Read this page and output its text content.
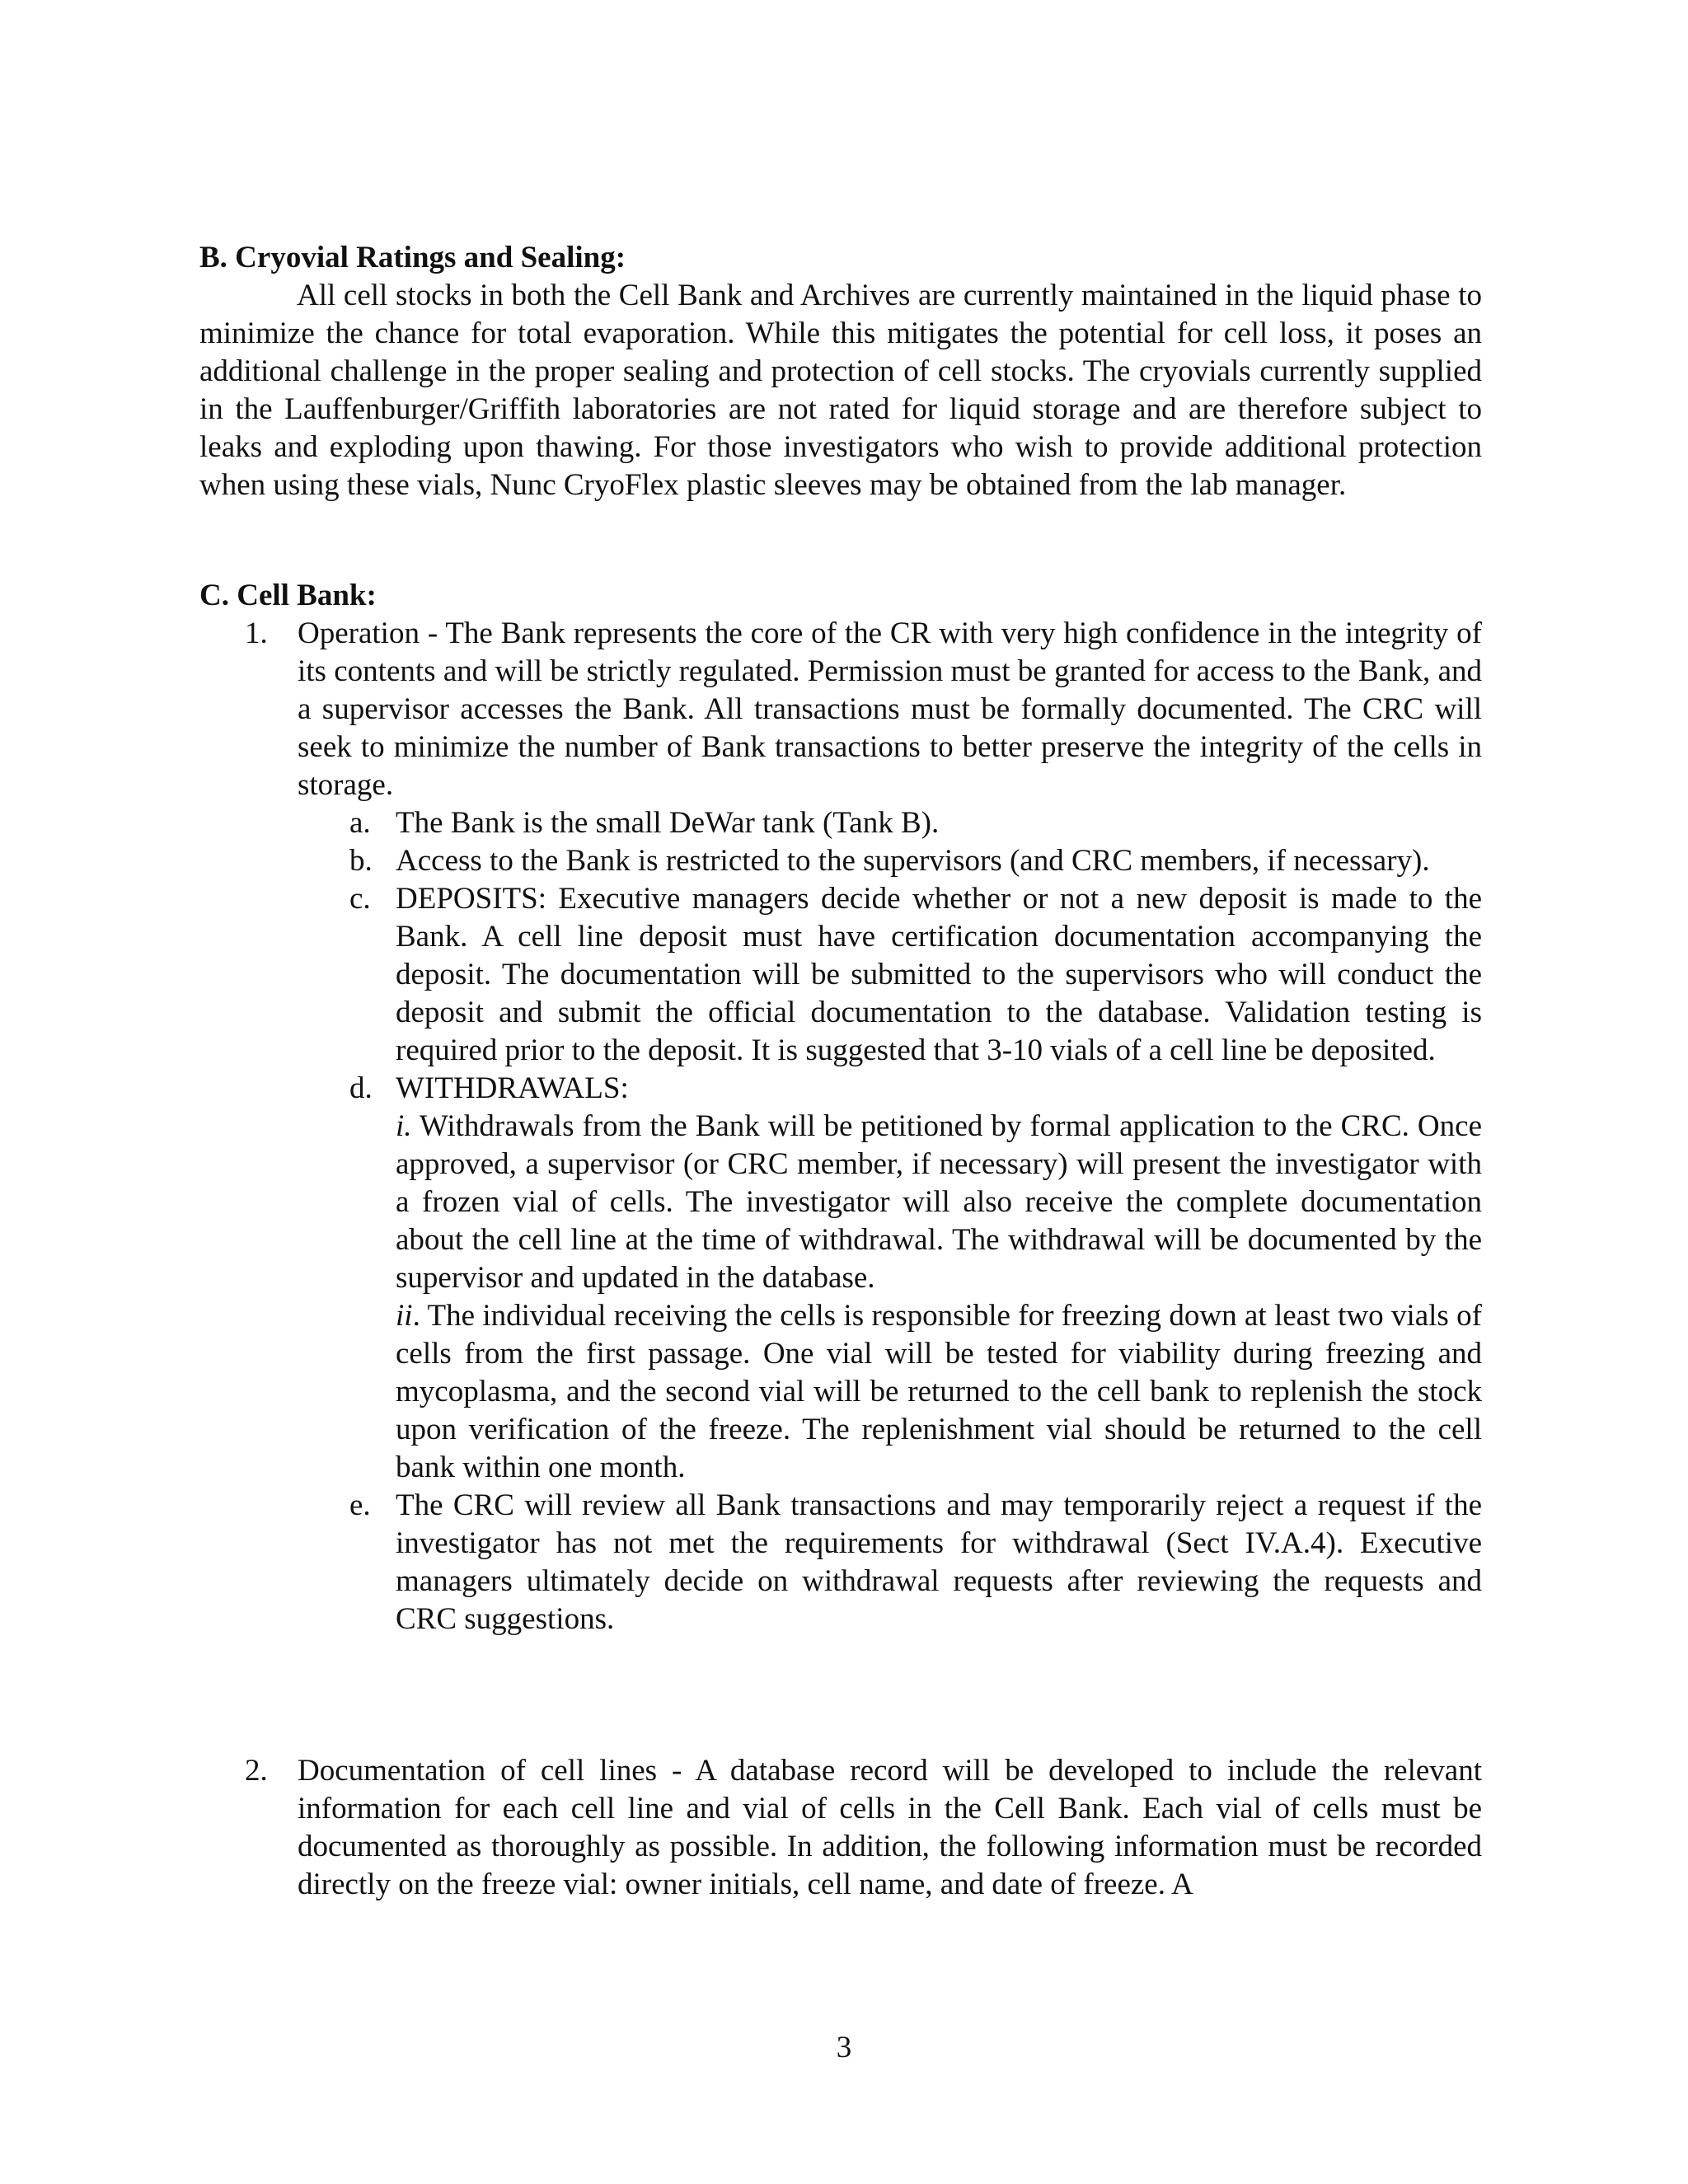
B. Cryovial Ratings and Sealing:

All cell stocks in both the Cell Bank and Archives are currently maintained in the liquid phase to minimize the chance for total evaporation. While this mitigates the potential for cell loss, it poses an additional challenge in the proper sealing and protection of cell stocks. The cryovials currently supplied in the Lauffenburger/Griffith laboratories are not rated for liquid storage and are therefore subject to leaks and exploding upon thawing. For those investigators who wish to provide additional protection when using these vials, Nunc CryoFlex plastic sleeves may be obtained from the lab manager.

C. Cell Bank:

1. Operation - The Bank represents the core of the CR with very high confidence in the integrity of its contents and will be strictly regulated. Permission must be granted for access to the Bank, and a supervisor accesses the Bank. All transactions must be formally documented. The CRC will seek to minimize the number of Bank transactions to better preserve the integrity of the cells in storage.
a. The Bank is the small DeWar tank (Tank B).
b. Access to the Bank is restricted to the supervisors (and CRC members, if necessary).
c. DEPOSITS: Executive managers decide whether or not a new deposit is made to the Bank. A cell line deposit must have certification documentation accompanying the deposit. The documentation will be submitted to the supervisors who will conduct the deposit and submit the official documentation to the database. Validation testing is required prior to the deposit. It is suggested that 3-10 vials of a cell line be deposited.
d. WITHDRAWALS:
i. Withdrawals from the Bank will be petitioned by formal application to the CRC. Once approved, a supervisor (or CRC member, if necessary) will present the investigator with a frozen vial of cells. The investigator will also receive the complete documentation about the cell line at the time of withdrawal. The withdrawal will be documented by the supervisor and updated in the database.
ii. The individual receiving the cells is responsible for freezing down at least two vials of cells from the first passage. One vial will be tested for viability during freezing and mycoplasma, and the second vial will be returned to the cell bank to replenish the stock upon verification of the freeze. The replenishment vial should be returned to the cell bank within one month.
e. The CRC will review all Bank transactions and may temporarily reject a request if the investigator has not met the requirements for withdrawal (Sect IV.A.4). Executive managers ultimately decide on withdrawal requests after reviewing the requests and CRC suggestions.
2. Documentation of cell lines - A database record will be developed to include the relevant information for each cell line and vial of cells in the Cell Bank. Each vial of cells must be documented as thoroughly as possible. In addition, the following information must be recorded directly on the freeze vial: owner initials, cell name, and date of freeze. A
3
